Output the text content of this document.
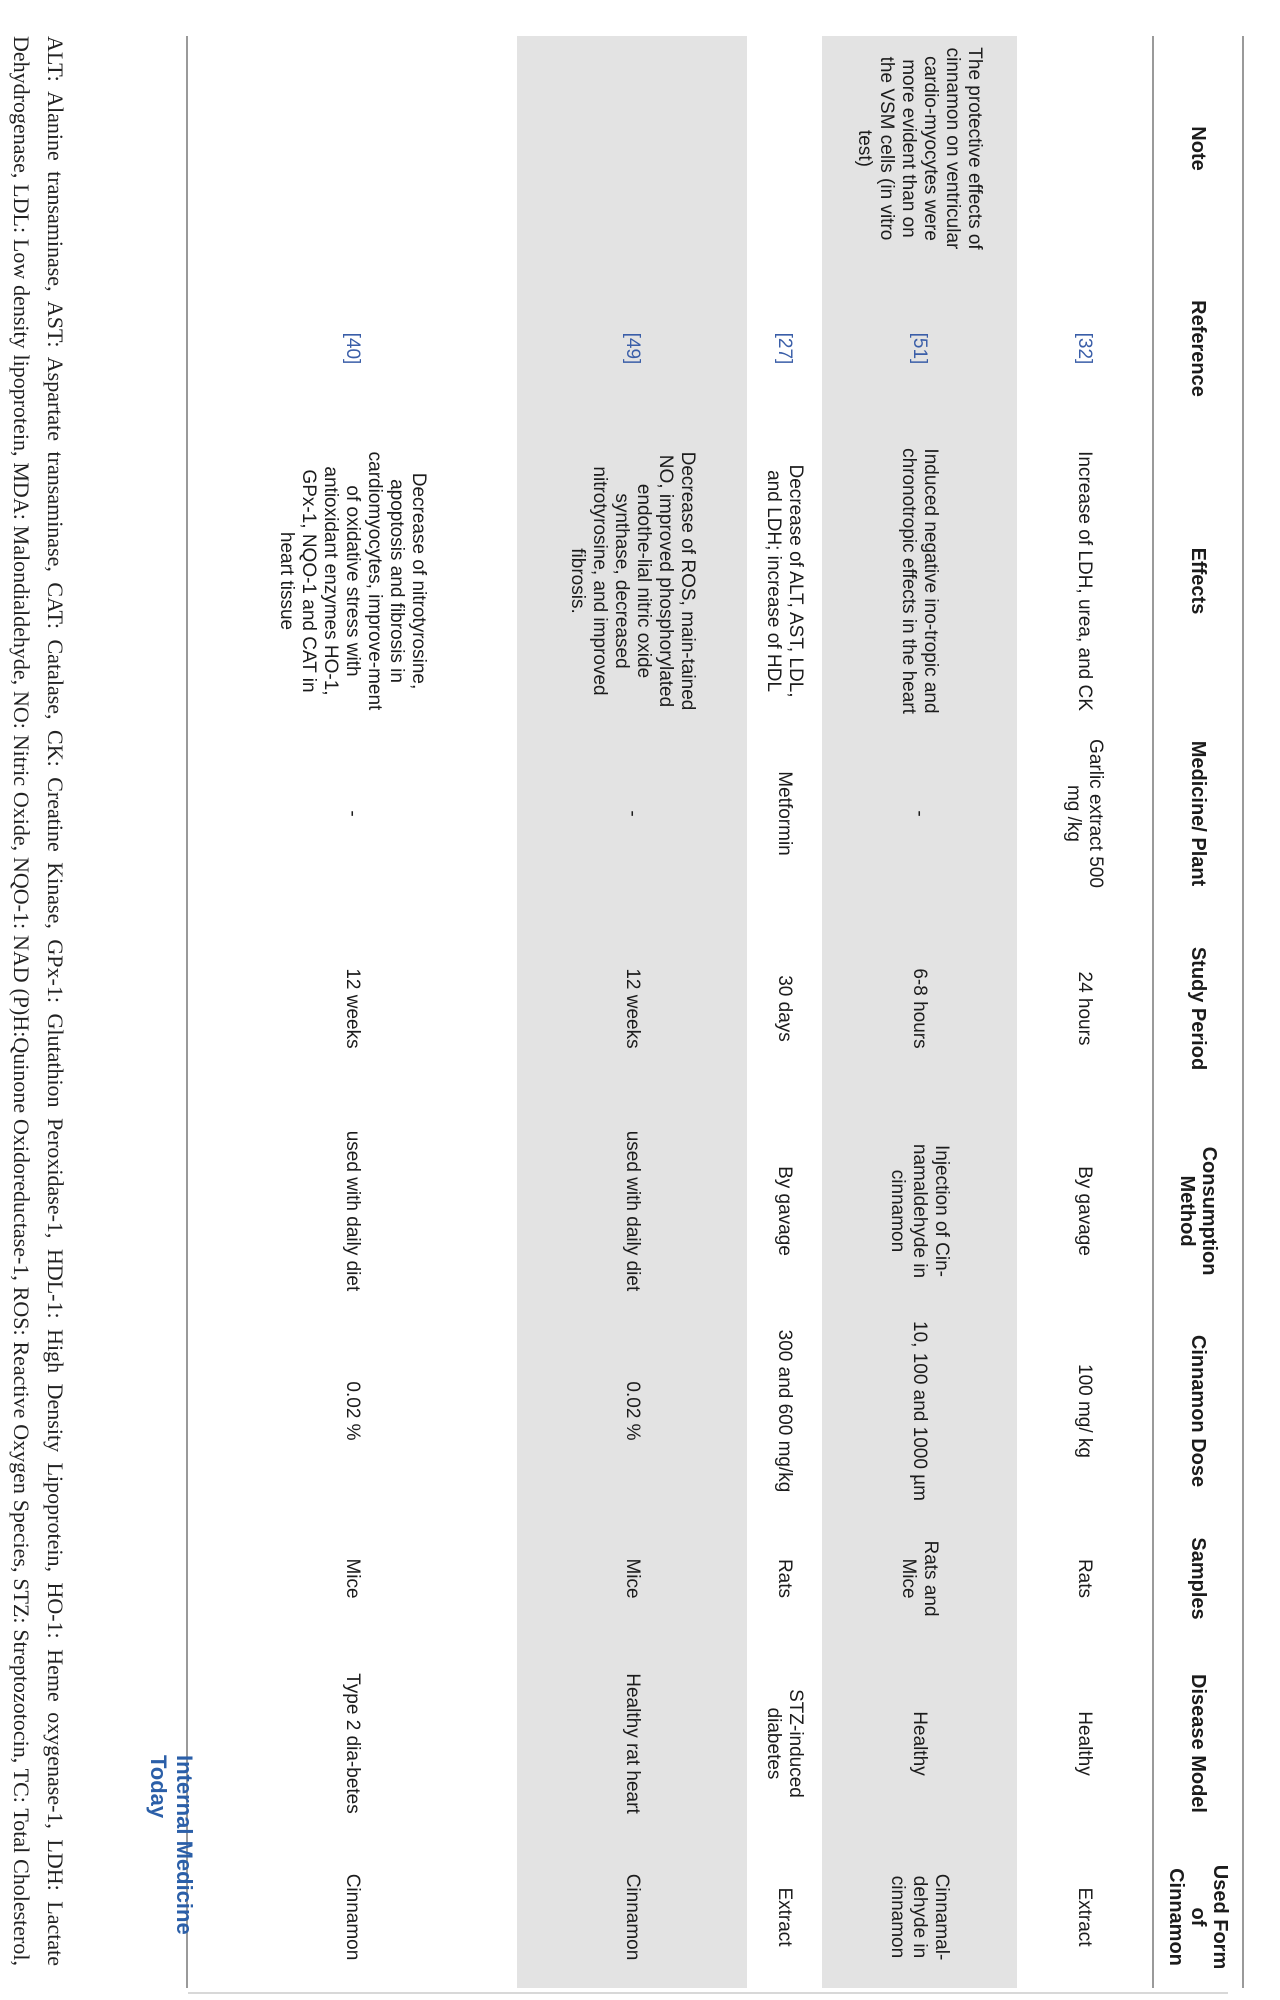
Note
Reference
Effects
Medicine/ Plant
Study Period
Consumption Method
Cinnamon Dose
Samples
Disease Model
Used Form of Cinnamon
[32]
Increase of LDH, urea, and CK
Garlic extract 500 mg /kg
24 hours
By gavage
100 mg/ kg
Rats
Healthy
Extract
The protective effects of cinnamon on ventricular cardio-myocytes were more evident than on the VSM cells (in vitro test)
[51]
Induced negative ino-tropic and chronotropic effects in the heart
-
6-8 hours
Injection of Cin-namaldehyde in cinnamon
10, 100 and 1000 µm
Rats and Mice
Healthy
Cinnamal-dehyde in cinnamon
[27]
Decrease of ALT, AST, LDL, and LDH; increase of HDL
Metformin
30 days
By gavage
300 and 600 mg/kg
Rats
STZ-induced diabetes
Extract
[49]
Decrease of ROS, main-tained NO, improved phosphorylated endothe-lial nitric oxide synthase, decreased nitrotyrosine, and improved fibrosis.
-
12 weeks
used with daily diet
0.02 %
Mice
Healthy rat heart
Cinnamon
[40]
Decrease of nitrotyrosine, apoptosis and fibrosis in cardiomyocytes, improve-ment of oxidative stress with antioxidant enzymes HO-1, GPx-1, NQO-1 and CAT in heart tissue
-
12 weeks
used with daily diet
0.02 %
Mice
Type 2 dia-betes
Cinnamon
Internal Medicine Today
ALT: Alanine transaminase, AST: Aspartate transaminase, CAT: Catalase, CK: Creatine Kinase, GPx-1: Glutathion Peroxidase-1, HDL-1: High Density Lipoprotein, HO-1: Heme oxygenase-1, LDH: Lactate Dehydrogenase, LDL: Low density lipoprotein, MDA: Malondialdehyde, NO: Nitric Oxide, NQO-1: NAD (P)H:Quinone Oxidoreductase-1, ROS: Reactive Oxygen Species, STZ: Streptozotocin, TC: Total Cholesterol,
